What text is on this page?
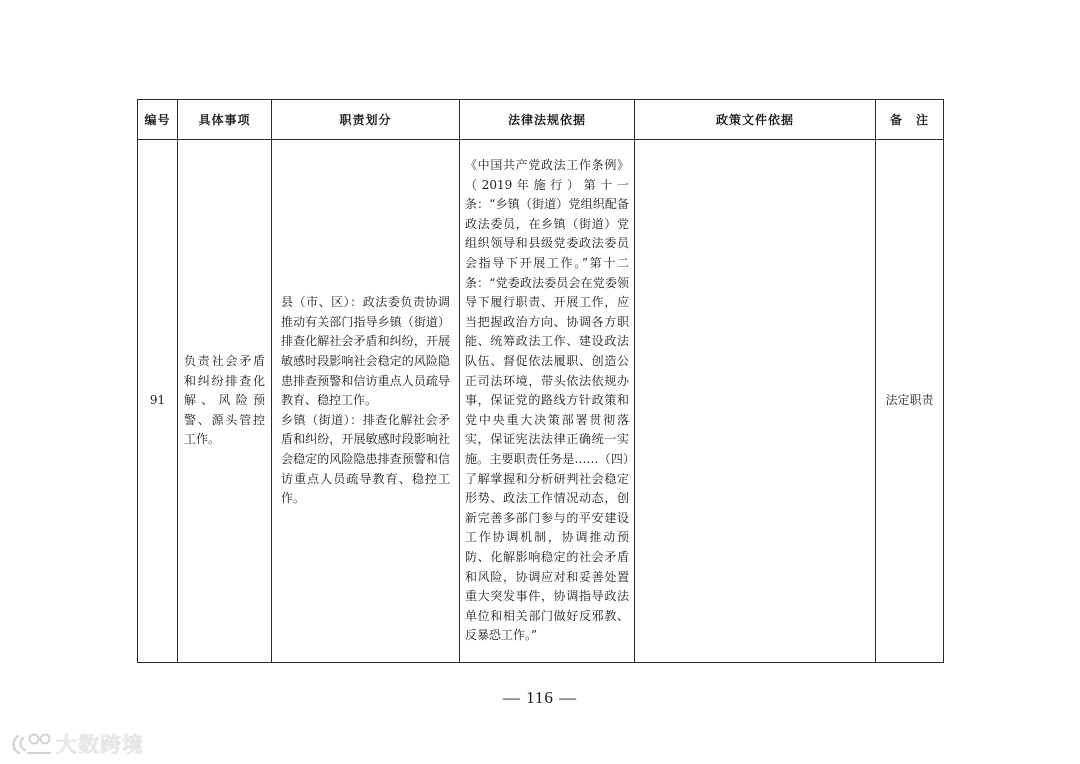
编号	具体事项	职责划分	法律法规依据	政策文件依据	备　注
91	负责社会矛盾和纠纷排查化解、风险预警、源头管控工作。	县（市、区）：政法委负责协调推动有关部门指导乡镇（街道）排查化解社会矛盾和纠纷，开展敏感时段影响社会稳定的风险隐患排查预警和信访重点人员疏导教育、稳控工作。
乡镇（街道）：排查化解社会矛盾和纠纷，开展敏感时段影响社会稳定的风险隐患排查预警和信访重点人员疏导教育、稳控工作。	《中国共产党政法工作条例》（2019年施行）第十一条：“乡镇（街道）党组织配备政法委员，在乡镇（街道）党组织领导和县级党委政法委员会指导下开展工作。”第十二条：“党委政法委员会在党委领导下履行职责、开展工作，应当把握政治方向、协调各方职能、统筹政法工作、建设政法队伍、督促依法履职、创造公正司法环境，带头依法依规办事，保证党的路线方针政策和党中央重大决策部署贯彻落实，保证宪法法律正确统一实施。主要职责任务是……（四）了解掌握和分析研判社会稳定形势、政法工作情况动态，创新完善多部门参与的平安建设工作协调机制，协调推动预防、化解影响稳定的社会矛盾和风险，协调应对和妥善处置重大突发事件，协调指导政法单位和相关部门做好反邪教、反暴恐工作。”		法定职责
— 116 —
大数跨境
